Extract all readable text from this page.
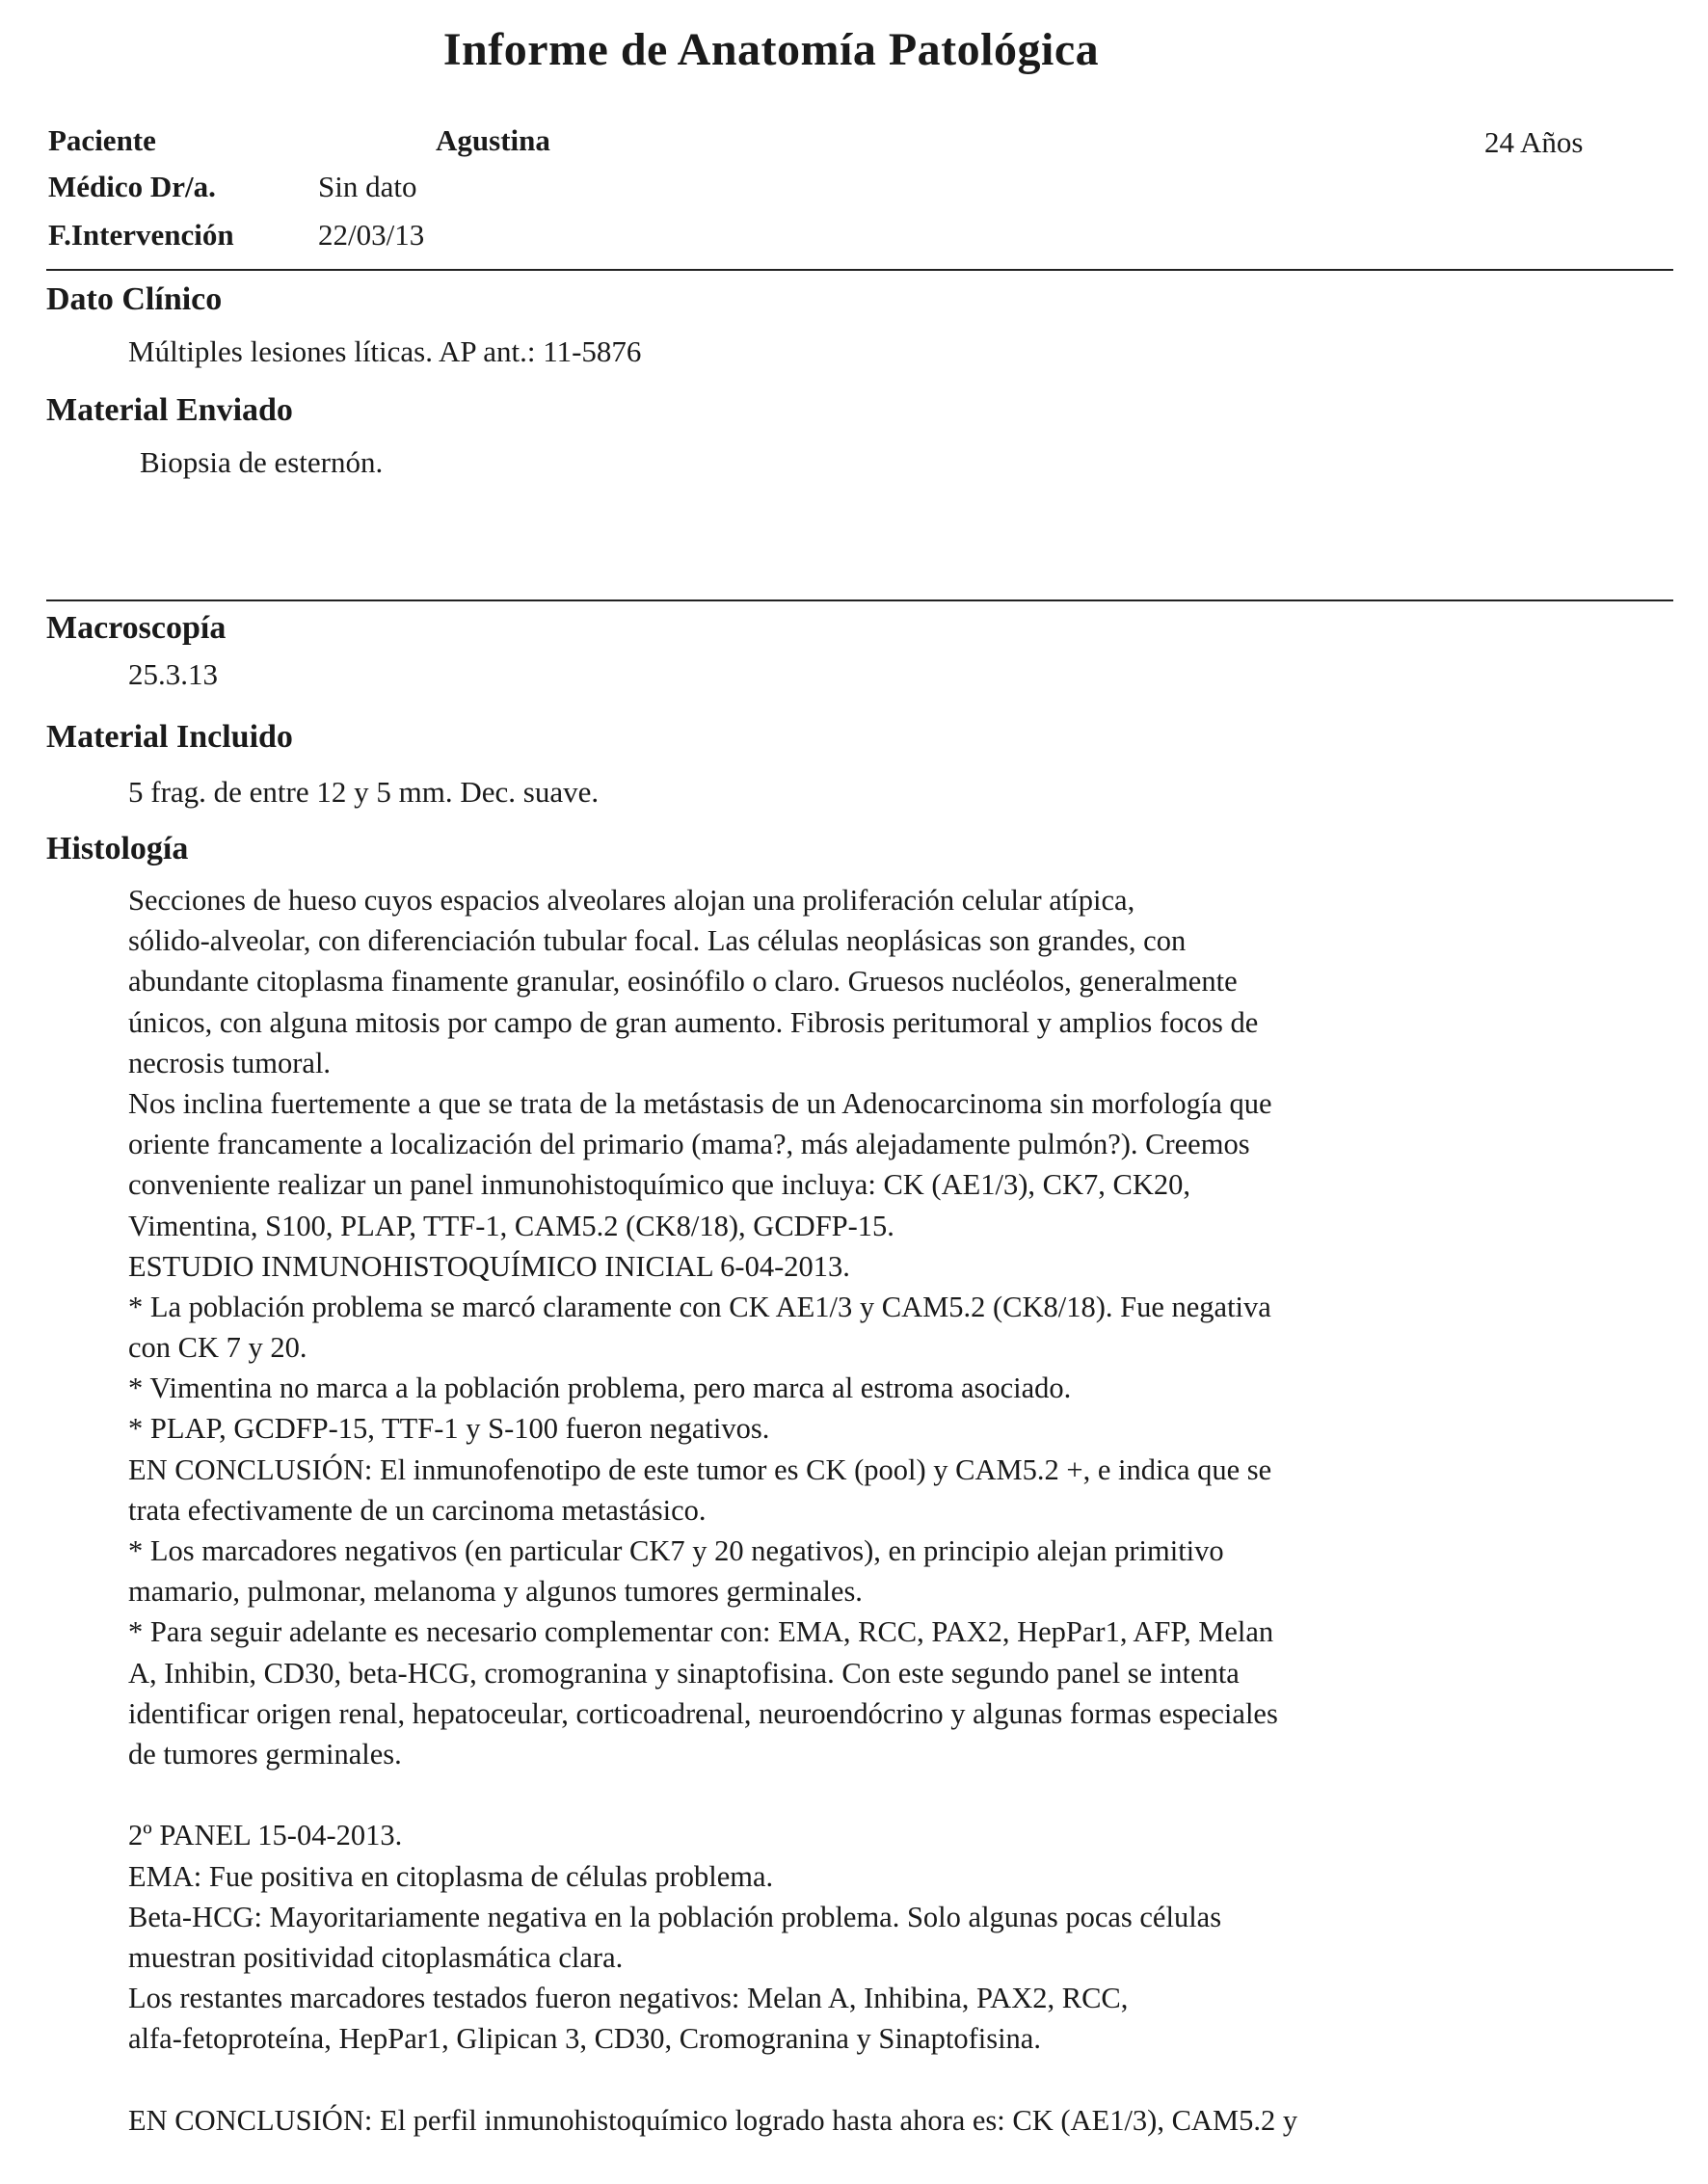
Informe de Anatomía Patológica
Paciente	Agustina	24 Años
Médico Dr/a.	Sin dato
F.Intervención	22/03/13
Dato Clínico
Múltiples lesiones líticas. AP ant.: 11-5876
Material Enviado
Biopsia de esternón.
Macroscopía
25.3.13
Material Incluido
5 frag. de entre 12 y 5 mm. Dec. suave.
Histología
Secciones de hueso cuyos espacios alveolares alojan una proliferación celular atípica,
sólido-alveolar, con diferenciación tubular focal. Las células neoplásicas son grandes, con
abundante citoplasma finamente granular, eosinófilo o claro. Gruesos nucléolos, generalmente
únicos, con alguna mitosis por campo de gran aumento. Fibrosis peritumoral y amplios focos de
necrosis tumoral.
Nos inclina fuertemente a que se trata de la metástasis de un Adenocarcinoma sin morfología que
oriente francamente a localización del primario (mama?, más alejadamente pulmón?). Creemos
conveniente realizar un panel inmunohistoquímico que incluya: CK (AE1/3), CK7, CK20,
Vimentina, S100, PLAP, TTF-1, CAM5.2 (CK8/18), GCDFP-15.
ESTUDIO INMUNOHISTOQUÍMICO INICIAL 6-04-2013.
* La población problema se marcó claramente con CK AE1/3 y CAM5.2 (CK8/18). Fue negativa
con CK 7 y 20.
* Vimentina no marca a la población problema, pero marca al estroma asociado.
* PLAP, GCDFP-15, TTF-1 y S-100 fueron negativos.
EN CONCLUSIÓN: El inmunofenotipo de este tumor es CK (pool) y CAM5.2 +, e indica que se
trata efectivamente de un carcinoma metastásico.
* Los marcadores negativos (en particular CK7 y 20 negativos), en principio alejan primitivo
mamario, pulmonar, melanoma y algunos tumores germinales.
* Para seguir adelante es necesario complementar con: EMA, RCC, PAX2, HepPar1, AFP, Melan
A, Inhibin, CD30, beta-HCG, cromogranina y sinaptofisina. Con este segundo panel se intenta
identificar origen renal, hepatoceular, corticoadrenal, neuroendócrino y algunas formas especiales
de tumores germinales.
2º PANEL 15-04-2013.
EMA: Fue positiva en citoplasma de células problema.
Beta-HCG: Mayoritariamente negativa en la población problema. Solo algunas pocas células
muestran positividad citoplasmática clara.
Los restantes marcadores testados fueron negativos: Melan A, Inhibina, PAX2, RCC,
alfa-fetoproteína, HepPar1, Glipican 3, CD30, Cromogranina y Sinaptofisina.
EN CONCLUSIÓN: El perfil inmunohistoquímico logrado hasta ahora es: CK (AE1/3), CAM5.2 y
